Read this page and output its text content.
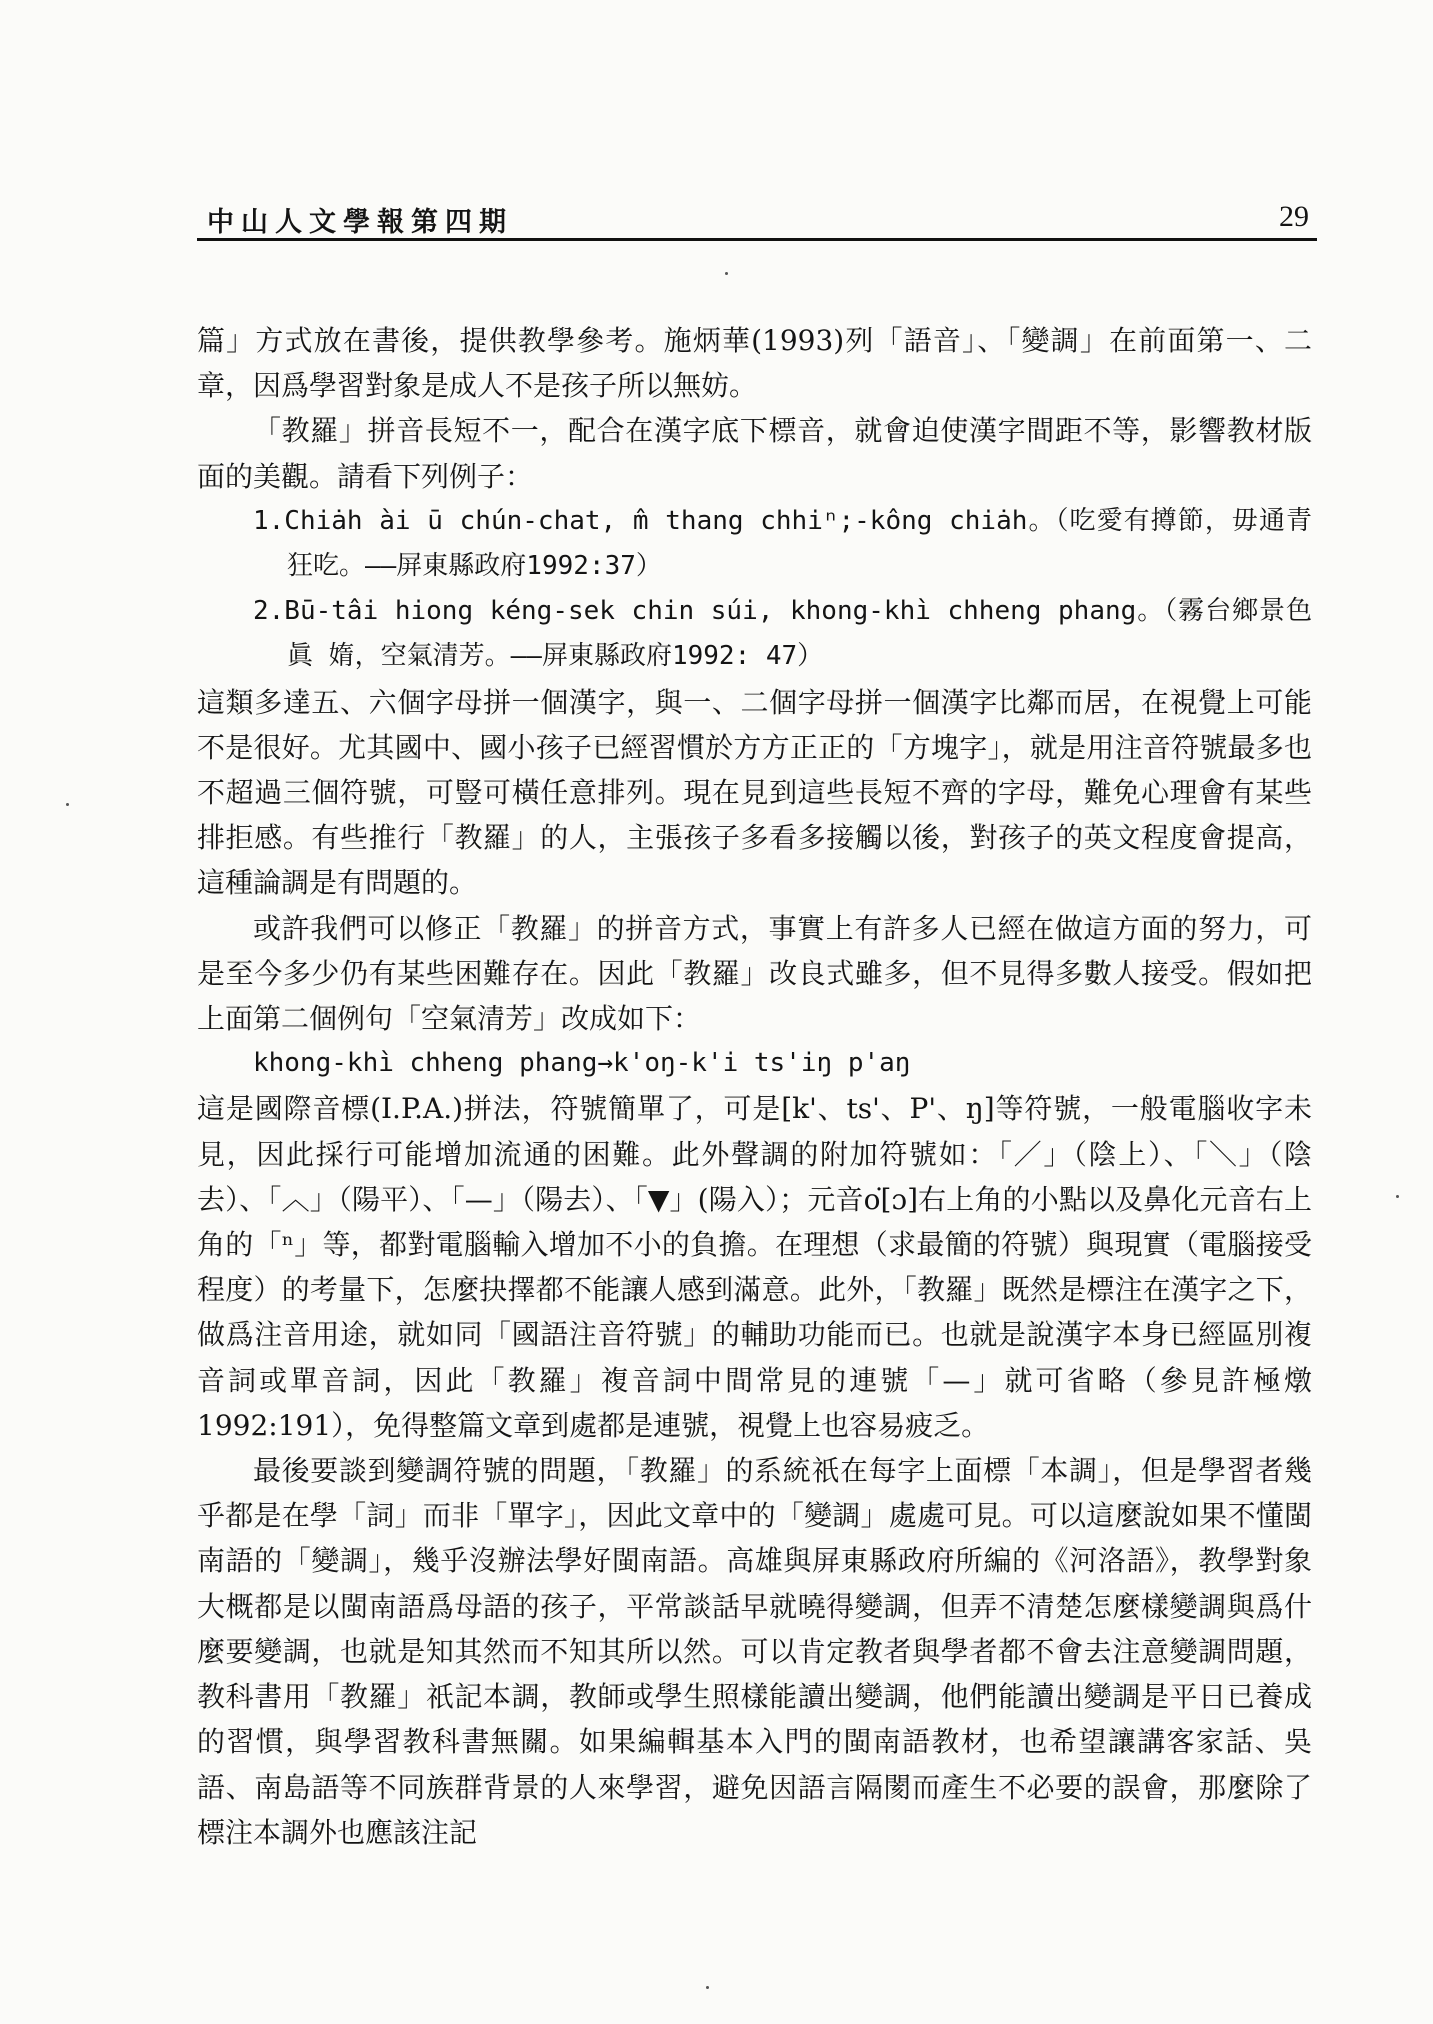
中山人文學報第四期	29

篇」方式放在書後，提供教學參考。施炳華(1993)列「語音」、「變調」在前面第一、二章，因爲學習對象是成人不是孩子所以無妨。

「教羅」拼音長短不一，配合在漢字底下標音，就會迫使漢字間距不等，影響教材版面的美觀。請看下列例子：

1.Chiȧh ài ū chún-chat, m̂ thang chhiⁿ;-kông chiȧh。（吃愛有撙節，毋通青狂吃。——屏東縣政府1992:37）

2.Bū-tâi hiong kéng-sek chin súi, khong-khì chheng phang。（霧台鄉景色眞 媠，空氣清芳。——屏東縣政府1992: 47）

這類多達五、六個字母拼一個漢字，與一、二個字母拼一個漢字比鄰而居，在視覺上可能不是很好。尤其國中、國小孩子已經習慣於方方正正的「方塊字」，就是用注音符號最多也不超過三個符號，可豎可橫任意排列。現在見到這些長短不齊的字母，難免心理會有某些排拒感。有些推行「教羅」的人，主張孩子多看多接觸以後，對孩子的英文程度會提高，這種論調是有問題的。

或許我們可以修正「教羅」的拼音方式，事實上有許多人已經在做這方面的努力，可是至今多少仍有某些困難存在。因此「教羅」改良式雖多，但不見得多數人接受。假如把上面第二個例句「空氣清芳」改成如下：

khong-khì chheng phang→k'oŋ-k'i ts'iŋ p'aŋ

這是國際音標(I.P.A.)拼法，符號簡單了，可是[k'、ts'、P'、ŋ]等符號，一般電腦收字未見，因此採行可能增加流通的困難。此外聲調的附加符號如：「／」（陰上）、「＼」（陰去）、「︿」（陽平）、「—」（陽去）、「▼」(陽入）；元音o͘[ɔ]右上角的小點以及鼻化元音右上角的「ⁿ」等，都對電腦輸入增加不小的負擔。在理想（求最簡的符號）與現實（電腦接受程度）的考量下，怎麼抉擇都不能讓人感到滿意。此外，「教羅」既然是標注在漢字之下，做爲注音用途，就如同「國語注音符號」的輔助功能而已。也就是說漢字本身已經區別複音詞或單音詞，因此「教羅」複音詞中間常見的連號「—」就可省略（參見許極燉1992:191），免得整篇文章到處都是連號，視覺上也容易疲乏。

最後要談到變調符號的問題，「教羅」的系統祇在每字上面標「本調」，但是學習者幾乎都是在學「詞」而非「單字」，因此文章中的「變調」處處可見。可以這麼說如果不懂閩南語的「變調」，幾乎沒辦法學好閩南語。高雄與屏東縣政府所編的《河洛語》，教學對象大概都是以閩南語爲母語的孩子，平常談話早就曉得變調，但弄不清楚怎麼樣變調與爲什麼要變調，也就是知其然而不知其所以然。可以肯定教者與學者都不會去注意變調問題，教科書用「教羅」祇記本調，教師或學生照樣能讀出變調，他們能讀出變調是平日已養成的習慣，與學習教科書無關。如果編輯基本入門的閩南語教材，也希望讓講客家話、吳語、南島語等不同族群背景的人來學習，避免因語言隔閡而產生不必要的誤會，那麼除了標注本調外也應該注記
